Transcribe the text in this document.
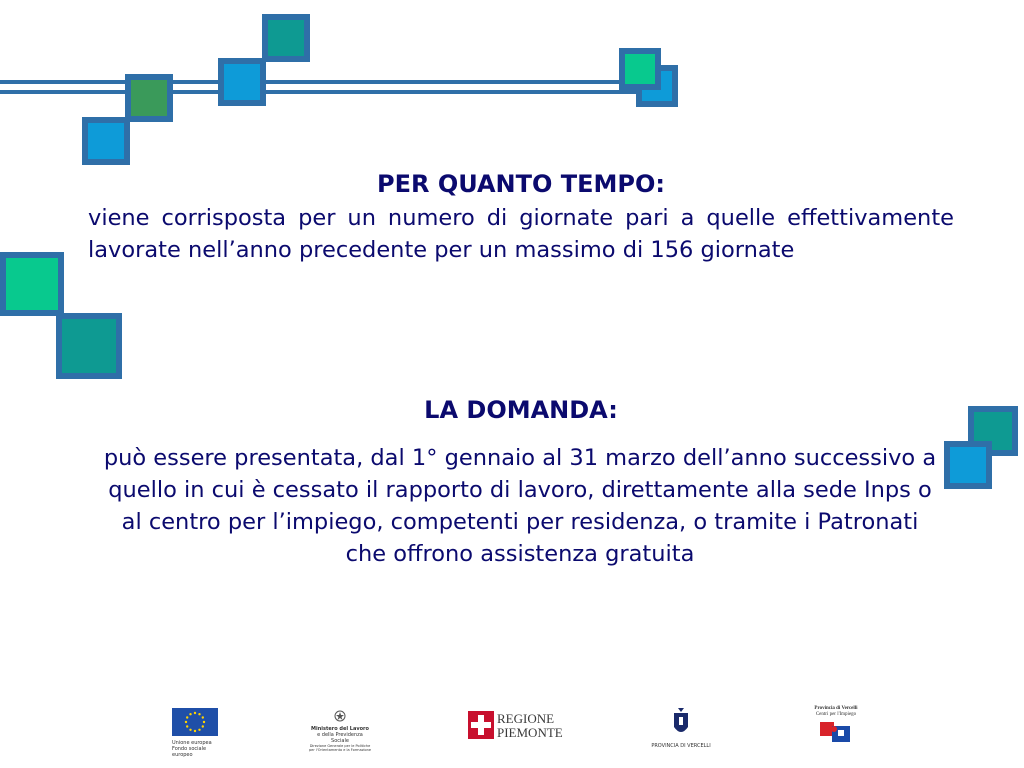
PER QUANTO TEMPO:

viene corrisposta per un numero di giornate pari a quelle effettivamente lavorate nell’anno precedente per un massimo di 156 giornate

LA DOMANDA:

può essere presentata, dal 1° gennaio al 31 marzo dell’anno successivo a quello in cui è cessato il rapporto di lavoro, direttamente alla sede Inps o al centro per l’impiego, competenti per residenza, o tramite i Patronati che offrono assistenza gratuita

Unione europea Fondo sociale europeo
Ministero del Lavoro
e della Previdenza Sociale
Direzione Generale per le Politiche per l'Orientamento e la Formazione
REGIONE
PIEMONTE
PROVINCIA DI VERCELLI
Provincia di Vercelli
Centri per l'Impiego
